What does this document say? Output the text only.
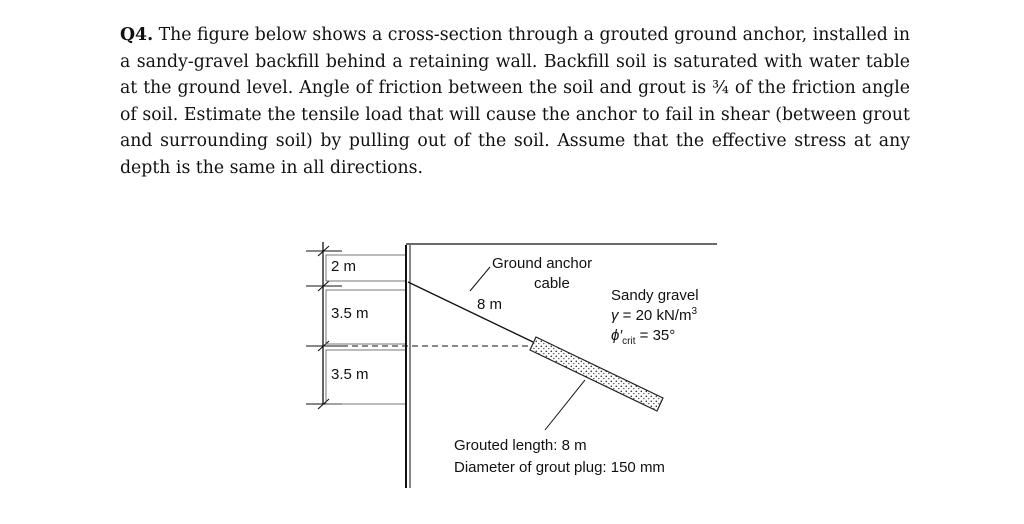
Q4. The figure below shows a cross-section through a grouted ground anchor, installed in a sandy-gravel backfill behind a retaining wall. Backfill soil is saturated with water table at the ground level. Angle of friction between the soil and grout is ¾ of the friction angle of soil. Estimate the tensile load that will cause the anchor to fail in shear (between grout and surrounding soil) by pulling out of the soil. Assume that the effective stress at any depth is the same in all directions.
2 m
3.5 m
3.5 m
Ground anchor
cable
8 m
Sandy gravel
γ = 20 $kN/m^3$
$\phi'_{crit} = 35^\circ$
Grouted length: 8 m
Diameter of grout plug: 150 mm
